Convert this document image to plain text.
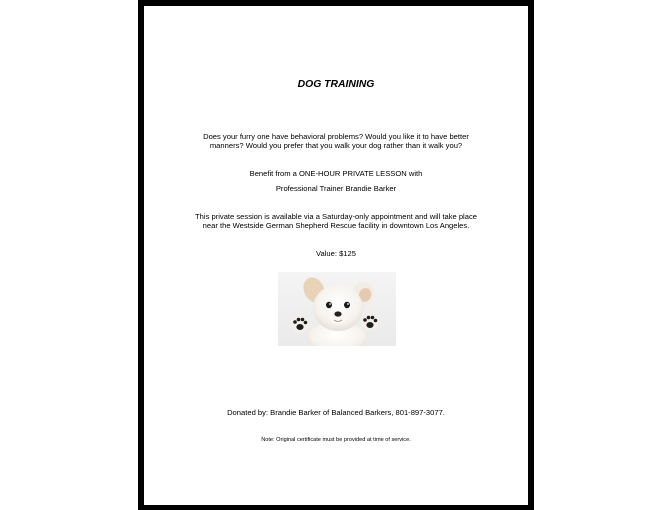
DOG TRAINING
Does your furry one have behavioral problems? Would you like it to have better
manners? Would you prefer that you walk your dog rather than it walk you?
Benefit from a ONE-HOUR PRIVATE LESSON with
Professional Trainer Brandie Barker
This private session is available via a Saturday-only appointment and will take place
near the Westside German Shepherd Rescue facility in downtown Los Angeles.
Value: $125
Donated by: Brandie Barker of Balanced Barkers, 801-897-3077.
Note: Original certificate must be provided at time of service.
